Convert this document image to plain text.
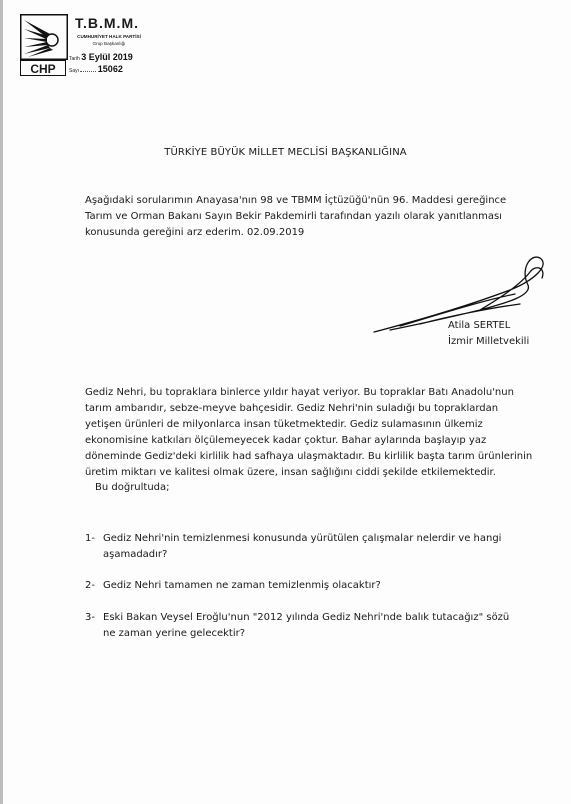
CHP
T.B.M.M.
CUMHURİYET HALK PARTİSİ
Grup Başkanlığı
Tarih 3 Eylül 2019
Sayı 15062
TÜRKİYE BÜYÜK MİLLET MECLİSİ BAŞKANLIĞINA

Aşağıdaki sorularımın Anayasa'nın 98 ve TBMM İçtüzüğü'nün 96. Maddesi gereğince Tarım ve Orman Bakanı Sayın Bekir Pakdemirli tarafından yazılı olarak yanıtlanması konusunda gereğini arz ederim. 02.09.2019

Atila SERTEL
İzmir Milletvekili

Gediz Nehri, bu topraklara binlerce yıldır hayat veriyor. Bu topraklar Batı Anadolu'nun tarım ambarıdır, sebze-meyve bahçesidir. Gediz Nehri'nin suladığı bu topraklardan yetişen ürünleri de milyonlarca insan tüketmektedir. Gediz sulamasının ülkemiz ekonomisine katkıları ölçülemeyecek kadar çoktur. Bahar aylarında başlayıp yaz döneminde Gediz'deki kirlilik had safhaya ulaşmaktadır. Bu kirlilik başta tarım ürünlerinin üretim miktarı ve kalitesi olmak üzere, insan sağlığını ciddi şekilde etkilemektedir.

Bu doğrultuda;

1- Gediz Nehri'nin temizlenmesi konusunda yürütülen çalışmalar nelerdir ve hangi aşamadadır?
2- Gediz Nehri tamamen ne zaman temizlenmiş olacaktır?
3- Eski Bakan Veysel Eroğlu'nun "2012 yılında Gediz Nehri'nde balık tutacağız" sözü ne zaman yerine gelecektir?
